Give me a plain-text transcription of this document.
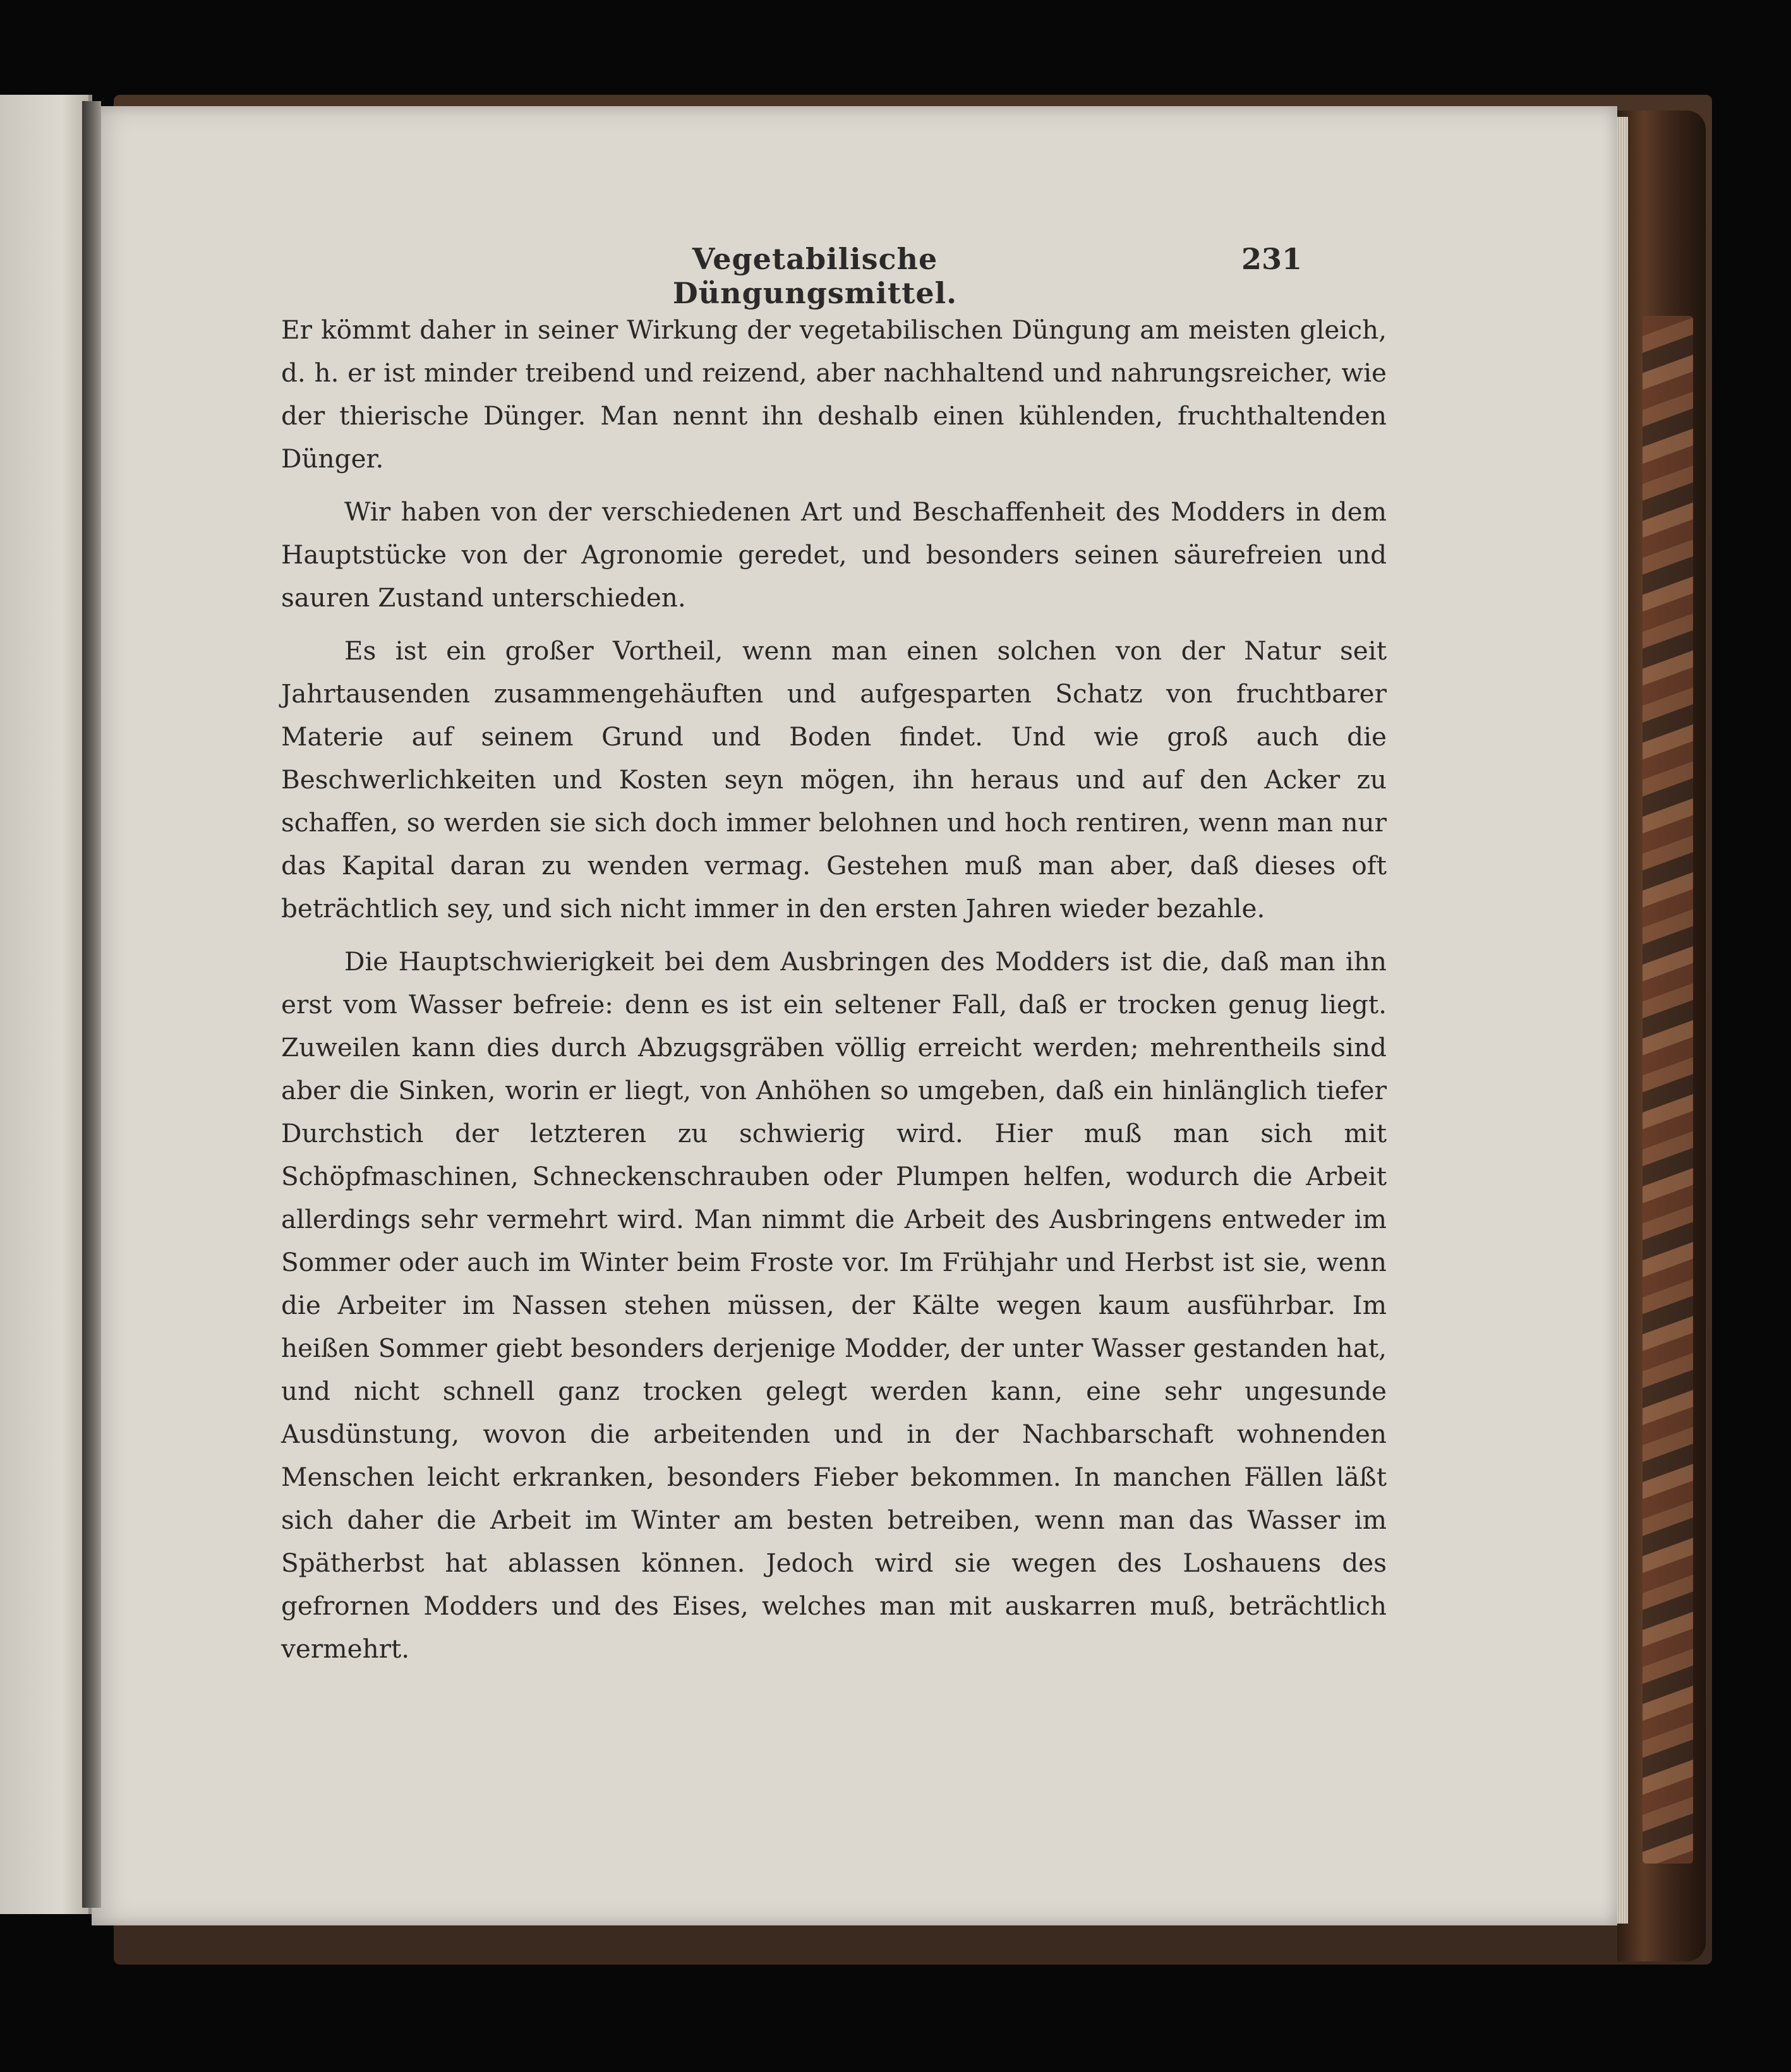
Vegetabilische Düngungsmittel.
231

Er kömmt daher in seiner Wirkung der vegetabilischen Düngung am meisten gleich, d. h. er ist minder treibend und reizend, aber nachhaltend und nahrungsreicher, wie der thierische Dünger. Man nennt ihn deshalb einen kühlenden, fruchthaltenden Dünger.

Wir haben von der verschiedenen Art und Beschaffenheit des Modders in dem Hauptstücke von der Agronomie geredet, und besonders seinen säurefreien und sauren Zustand unterschieden.

Es ist ein großer Vortheil, wenn man einen solchen von der Natur seit Jahrtausenden zusammengehäuften und aufgesparten Schatz von fruchtbarer Materie auf seinem Grund und Boden findet. Und wie groß auch die Beschwerlichkeiten und Kosten seyn mögen, ihn heraus und auf den Acker zu schaffen, so werden sie sich doch immer belohnen und hoch rentiren, wenn man nur das Kapital daran zu wenden vermag. Gestehen muß man aber, daß dieses oft beträchtlich sey, und sich nicht immer in den ersten Jahren wieder bezahle.

Die Hauptschwierigkeit bei dem Ausbringen des Modders ist die, daß man ihn erst vom Wasser befreie: denn es ist ein seltener Fall, daß er trocken genug liegt. Zuweilen kann dies durch Abzugsgräben völlig erreicht werden; mehrentheils sind aber die Sinken, worin er liegt, von Anhöhen so umgeben, daß ein hinlänglich tiefer Durchstich der letzteren zu schwierig wird. Hier muß man sich mit Schöpfmaschinen, Schneckenschrauben oder Plumpen helfen, wodurch die Arbeit allerdings sehr vermehrt wird. Man nimmt die Arbeit des Ausbringens entweder im Sommer oder auch im Winter beim Froste vor. Im Frühjahr und Herbst ist sie, wenn die Arbeiter im Nassen stehen müssen, der Kälte wegen kaum ausführbar. Im heißen Sommer giebt besonders derjenige Modder, der unter Wasser gestanden hat, und nicht schnell ganz trocken gelegt werden kann, eine sehr ungesunde Ausdünstung, wovon die arbeitenden und in der Nachbarschaft wohnenden Menschen leicht erkranken, besonders Fieber bekommen. In manchen Fällen läßt sich daher die Arbeit im Winter am besten betreiben, wenn man das Wasser im Spätherbst hat ablassen können. Jedoch wird sie wegen des Loshauens des gefrornen Modders und des Eises, welches man mit auskarren muß, beträchtlich vermehrt.
